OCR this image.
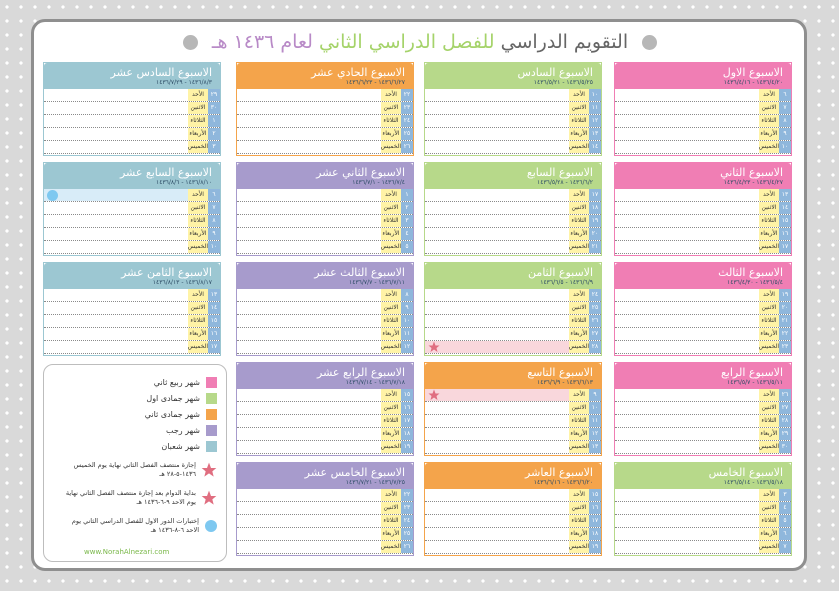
التقويم الدراسي للفصل الدراسي الثاني لعام ١٤٣٦ هـ
الاسبوع الاول
١٤٣٦/٤/٢٠ - ١٤٣٦/٤/١٦
٦
الأحد
٧
الاثنين
٨
الثلاثاء
٩
الأربعاء
١٠
الخميس
الاسبوع الثاني
١٤٣٦/٤/٢٧ - ١٤٣٦/٤/٢٣
١٣
الأحد
١٤
الاثنين
١٥
الثلاثاء
١٦
الأربعاء
١٧
الخميس
الاسبوع الثالث
١٤٣٦/٥/٤ - ١٤٣٦/٤/٣٠
١٩
الأحد
٢٠
الاثنين
٢١
الثلاثاء
٢٢
الأربعاء
٢٣
الخميس
الاسبوع الرابع
١٤٣٦/٥/١١ - ١٤٣٦/٥/٧
٢٦
الأحد
٢٧
الاثنين
٢٨
الثلاثاء
٢٩
الأربعاء
٣٠
الخميس
الاسبوع الخامس
١٤٣٦/٥/١٨ - ١٤٣٦/٥/١٤
٣
الأحد
٤
الاثنين
٥
الثلاثاء
٦
الأربعاء
٧
الخميس
الاسبوع السادس
١٤٣٦/٥/٢٥ - ١٤٣٦/٥/٢١
١٠
الأحد
١١
الاثنين
١٢
الثلاثاء
١٣
الأربعاء
١٤
الخميس
الاسبوع السابع
١٤٣٦/٦/٢ - ١٤٣٦/٥/٢٨
١٧
الأحد
١٨
الاثنين
١٩
الثلاثاء
٢٠
الأربعاء
٢١
الخميس
الاسبوع الثامن
١٤٣٦/٦/٩ - ١٤٣٦/٦/٥
٢٤
الأحد
٢٥
الاثنين
٢٦
الثلاثاء
٢٧
الأربعاء
٢٨
الخميس
الاسبوع التاسع
١٤٣٦/٦/١٣ - ١٤٣٦/٦/٩
٩
الأحد
١٠
الاثنين
١١
الثلاثاء
١٢
الأربعاء
١٣
الخميس
الاسبوع العاشر
١٤٣٦/٦/٢٠ - ١٤٣٦/٦/١٦
١٥
الأحد
١٦
الاثنين
١٧
الثلاثاء
١٨
الأربعاء
١٩
الخميس
الاسبوع الحادي عشر
١٤٣٦/٦/٢٧ - ١٤٣٦/٦/٢٣
٢٢
الأحد
٢٣
الاثنين
٢٤
الثلاثاء
٢٥
الأربعاء
٢٦
الخميس
الاسبوع الثاني عشر
١٤٣٦/٧/٤ - ١٤٣٦/٧/١
١
الأحد
٢
الاثنين
٣
الثلاثاء
٤
الأربعاء
٥
الخميس
الاسبوع الثالث عشر
١٤٣٦/٧/١١ - ١٤٣٦/٧/٧
٨
الأحد
٩
الاثنين
١٠
الثلاثاء
١١
الأربعاء
١٢
الخميس
الاسبوع الرابع عشر
١٤٣٦/٧/١٨ - ١٤٣٦/٧/١٤
١٥
الأحد
١٦
الاثنين
١٧
الثلاثاء
١٨
الأربعاء
١٩
الخميس
الاسبوع الخامس عشر
١٤٣٦/٧/٢٥ - ١٤٣٦/٧/٢١
٢٢
الأحد
٢٣
الاثنين
٢٤
الثلاثاء
٢٥
الأربعاء
٢٦
الخميس
الاسبوع السادس عشر
١٤٣٦/٨/٣ - ١٤٣٦/٧/٢٩
٢٩
الأحد
٣٠
الاثنين
١
الثلاثاء
٢
الأربعاء
٣
الخميس
الاسبوع السابع عشر
١٤٣٦/٨/١٠ - ١٤٣٦/٨/٦
٦
الأحد
٧
الاثنين
٨
الثلاثاء
٩
الأربعاء
١٠
الخميس
الاسبوع الثامن عشر
١٤٣٦/٨/١٧ - ١٤٣٦/٨/١٣
١٣
الأحد
١٤
الاثنين
١٥
الثلاثاء
١٦
الأربعاء
١٧
الخميس
شهر ربيع ثاني
شهر جمادى اول
شهر جمادى ثاني
شهر رجب
شهر شعبان
إجازة منتصف الفصل الثاني نهاية يوم الخميس ١٤٣٦-٥-٢٨ هـ
بداية الدوام بعد إجازة منتصف الفصل الثاني نهاية يوم الاحد ٩-٦-١٤٣٦ هـ
إختبارات الدور الاول للفصل الدراسي الثاني يوم الاحد ٦-٨-١٤٣٦ هـ
www.NorahAlnezari.com
